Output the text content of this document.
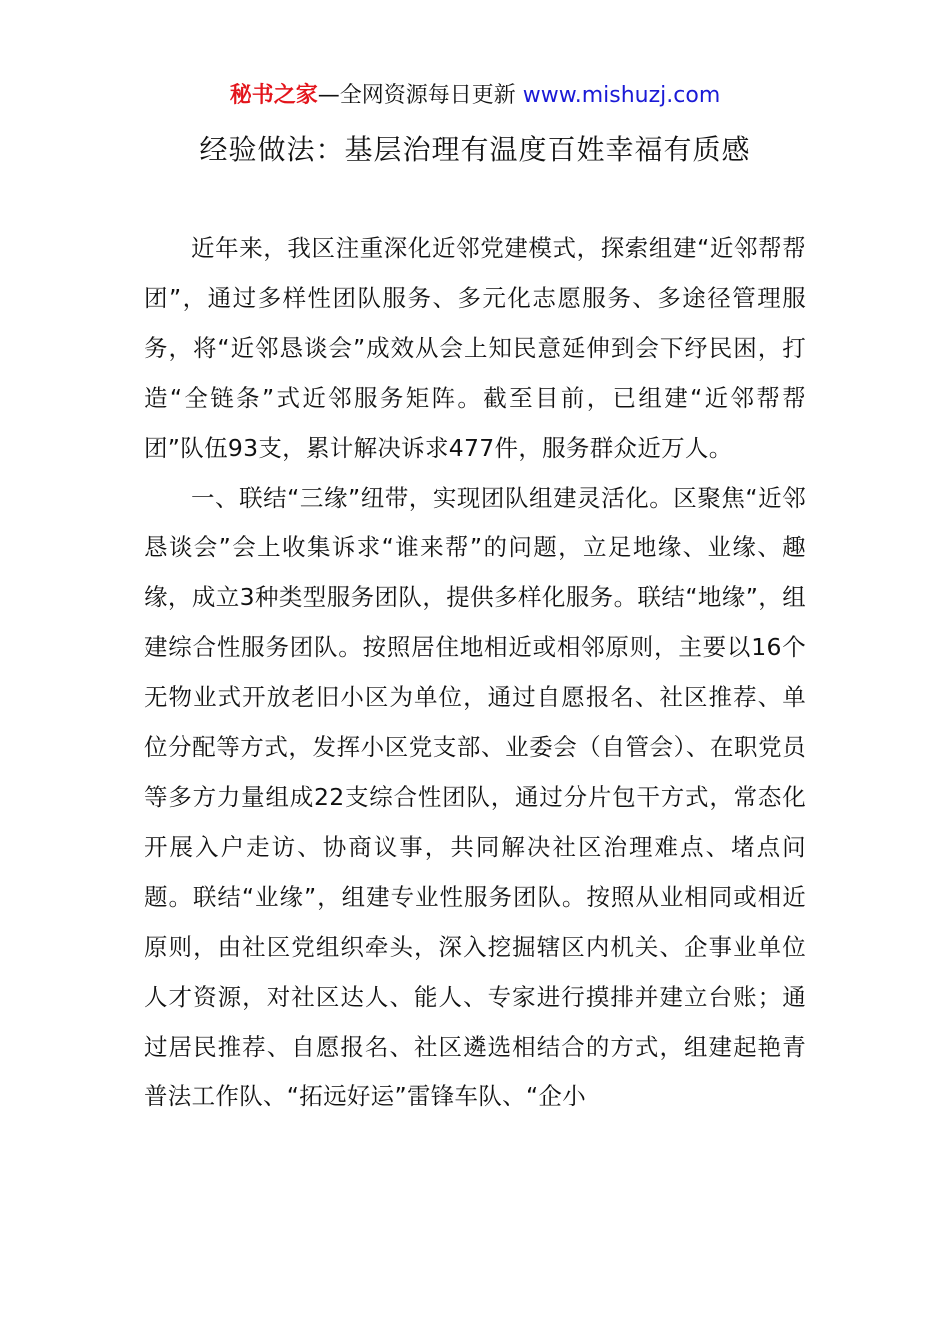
秘书之家—全网资源每日更新 www.mishuzj.com
经验做法：基层治理有温度百姓幸福有质感

近年来，我区注重深化近邻党建模式，探索组建“近邻帮帮团”，通过多样性团队服务、多元化志愿服务、多途径管理服务，将“近邻恳谈会”成效从会上知民意延伸到会下纾民困，打造“全链条”式近邻服务矩阵。截至目前，已组建“近邻帮帮团”队伍93支，累计解决诉求477件，服务群众近万人。

一、联结“三缘”纽带，实现团队组建灵活化。区聚焦“近邻恳谈会”会上收集诉求“谁来帮”的问题，立足地缘、业缘、趣缘，成立3种类型服务团队，提供多样化服务。联结“地缘”，组建综合性服务团队。按照居住地相近或相邻原则，主要以16个无物业式开放老旧小区为单位，通过自愿报名、社区推荐、单位分配等方式，发挥小区党支部、业委会（自管会）、在职党员等多方力量组成22支综合性团队，通过分片包干方式，常态化开展入户走访、协商议事，共同解决社区治理难点、堵点问题。联结“业缘”，组建专业性服务团队。按照从业相同或相近原则，由社区党组织牵头，深入挖掘辖区内机关、企事业单位人才资源，对社区达人、能人、专家进行摸排并建立台账；通过居民推荐、自愿报名、社区遴选相结合的方式，组建起艳青普法工作队、“拓远好运”雷锋车队、“企小
